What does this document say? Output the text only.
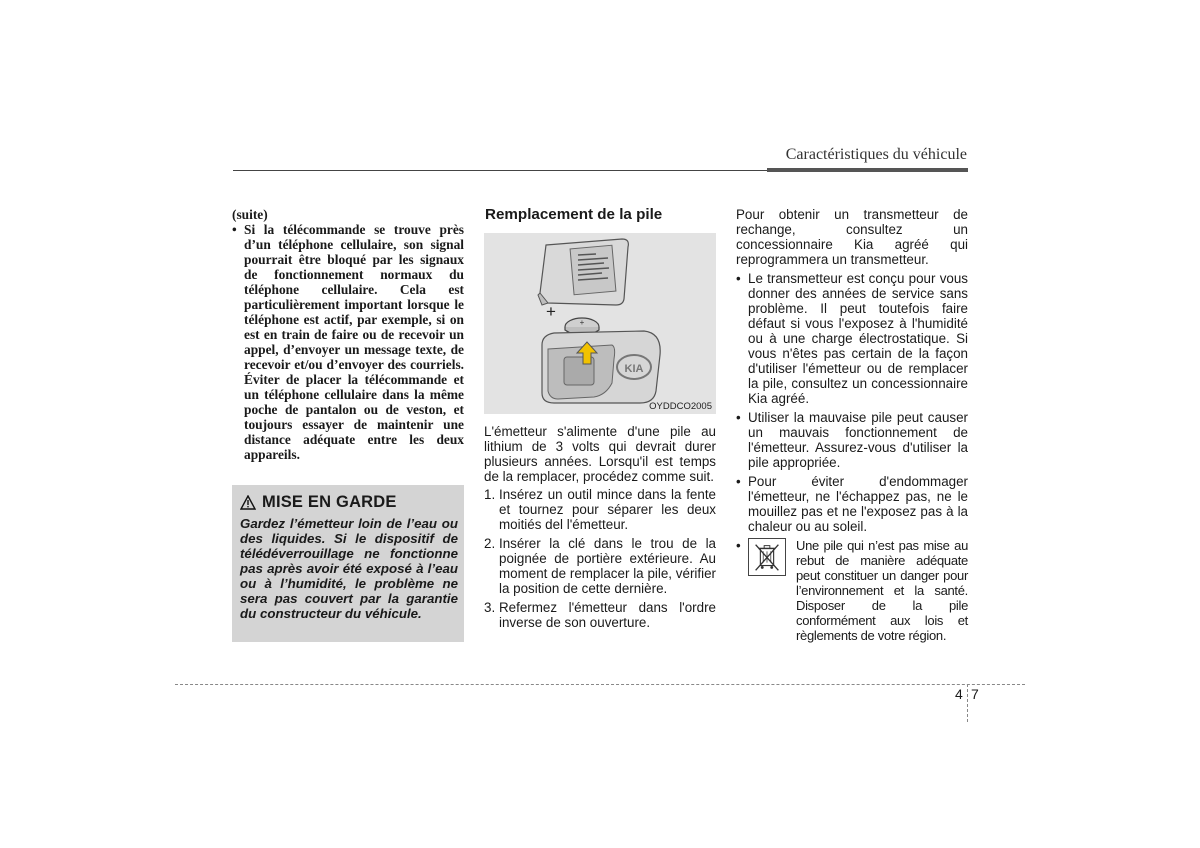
Caractéristiques du véhicule
(suite)
• Si la télécommande se trouve près d’un téléphone cellulaire, son signal pourrait être bloqué par les signaux de fonctionnement normaux du téléphone cellulaire. Cela est particulièrement important lorsque le téléphone est actif, par exemple, si on est en train de faire ou de recevoir un appel, d’envoyer un message texte, de recevoir et/ou d’envoyer des courriels. Éviter de placer la télécommande et un téléphone cellulaire dans la même poche de pantalon ou de veston, et toujours essayer de maintenir une distance adéquate entre les deux appareils.
MISE EN GARDE
Gardez l’émetteur loin de l’eau ou des liquides. Si le dispositif de télédéverrouillage ne fonctionne pas après avoir été exposé à l’eau ou à l’humidité, le problème ne sera pas couvert par la garantie du constructeur du véhicule.
Remplacement de la pile
+
+
KIA
OYDDCO2005
L'émetteur s'alimente d'une pile au lithium de 3 volts qui devrait durer plusieurs années. Lorsqu'il est temps de la remplacer, procédez comme suit.
1. Insérez un outil mince dans la fente et tournez pour séparer les deux moitiés del l'émetteur.
2. Insérer la clé dans le trou de la poignée de portière extérieure. Au moment de remplacer la pile, vérifier la position de cette dernière.
3. Refermez l'émetteur dans l'ordre inverse de son ouverture.
Pour obtenir un transmetteur de rechange, consultez un concessionnaire Kia agréé qui reprogrammera un transmetteur.
• Le transmetteur est conçu pour vous donner des années de service sans problème. Il peut toutefois faire défaut si vous l'exposez à l'humidité ou à une charge électrostatique. Si vous n'êtes pas certain de la façon d'utiliser l'émetteur ou de remplacer la pile, consultez un concessionnaire Kia agréé.
• Utiliser la mauvaise pile peut causer un mauvais fonctionnement de l'émetteur. Assurez-vous d'utiliser la pile appropriée.
• Pour éviter d'endommager l'émetteur, ne l'échappez pas, ne le mouillez pas et ne l'exposez pas à la chaleur ou au soleil.
•	Une pile qui n’est pas mise au rebut de manière adéquate peut constituer un danger pour l’environnement et la santé. Disposer de la pile conformément aux lois et règlements de votre région.
4 7
